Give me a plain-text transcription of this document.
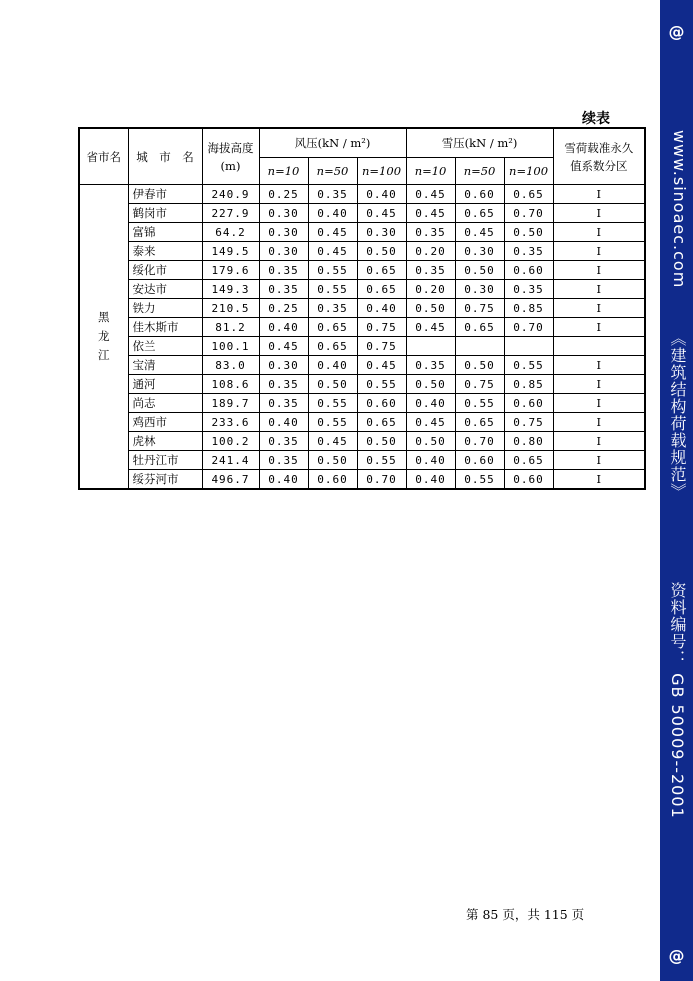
@
www.sinoaec.com
《建筑结构荷载规范》
资料编号： GB 50009--2001
@
续表
省市名	城　市　名	海拔高度
(m)	风压(kN / m²)			雪压(kN / m²)			雪荷载准永久值系数分区
			n=10	n=50	n=100	n=10	n=50	n=100	
黑龙江	伊春市	240.9	0.25	0.35	0.40	0.45	0.60	0.65	I
	鹤岗市	227.9	0.30	0.40	0.45	0.45	0.65	0.70	I
	富锦	64.2	0.30	0.45	0.30	0.35	0.45	0.50	I
	泰来	149.5	0.30	0.45	0.50	0.20	0.30	0.35	I
	绥化市	179.6	0.35	0.55	0.65	0.35	0.50	0.60	I
	安达市	149.3	0.35	0.55	0.65	0.20	0.30	0.35	I
	铁力	210.5	0.25	0.35	0.40	0.50	0.75	0.85	I
	佳木斯市	81.2	0.40	0.65	0.75	0.45	0.65	0.70	I
	依兰	100.1	0.45	0.65	0.75				
	宝清	83.0	0.30	0.40	0.45	0.35	0.50	0.55	I
	通河	108.6	0.35	0.50	0.55	0.50	0.75	0.85	I
	尚志	189.7	0.35	0.55	0.60	0.40	0.55	0.60	I
	鸡西市	233.6	0.40	0.55	0.65	0.45	0.65	0.75	I
	虎林	100.2	0.35	0.45	0.50	0.50	0.70	0.80	I
	牡丹江市	241.4	0.35	0.50	0.55	0.40	0.60	0.65	I
	绥芬河市	496.7	0.40	0.60	0.70	0.40	0.55	0.60	I
第 85 页，共 115 页
